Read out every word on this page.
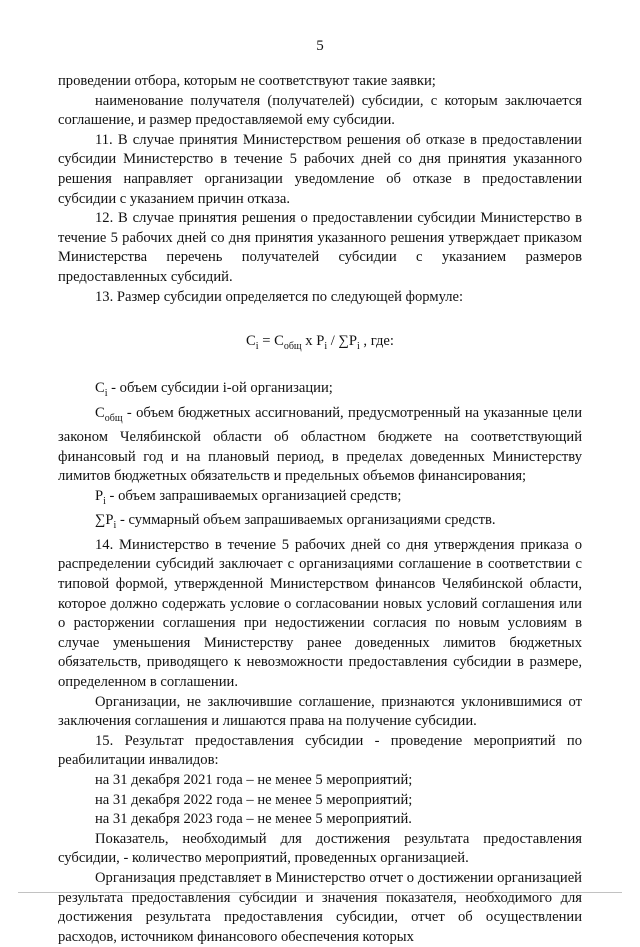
5

проведении отбора, которым не соответствуют такие заявки;

наименование получателя (получателей) субсидии, с которым заключается соглашение, и размер предоставляемой ему субсидии.

11. В случае принятия Министерством решения об отказе в предоставлении субсидии Министерство в течение 5 рабочих дней со дня принятия указанного решения направляет организации уведомление об отказе в предоставлении субсидии с указанием причин отказа.

12. В случае принятия решения о предоставлении субсидии Министерство в течение 5 рабочих дней со дня принятия указанного решения утверждает приказом Министерства перечень получателей субсидии с указанием размеров предоставленных субсидий.

13. Размер субсидии определяется по следующей формуле:

$C_i = C_{общ}$ x $P_i / \sum P_i$ , где:

$C_i$ - объем субсидии i-ой организации;

$C_{общ}$ - объем бюджетных ассигнований, предусмотренный на указанные цели законом Челябинской области об областном бюджете на соответствующий финансовый год и на плановый период, в пределах доведенных Министерству лимитов бюджетных обязательств и предельных объемов финансирования;

$P_i$ - объем запрашиваемых организацией средств;

$\sum P_i$ - суммарный объем запрашиваемых организациями средств.

14. Министерство в течение 5 рабочих дней со дня утверждения приказа о распределении субсидий заключает с организациями соглашение в соответствии с типовой формой, утвержденной Министерством финансов Челябинской области, которое должно содержать условие о согласовании новых условий соглашения или о расторжении соглашения при недостижении согласия по новым условиям в случае уменьшения Министерству ранее доведенных лимитов бюджетных обязательств, приводящего к невозможности предоставления субсидии в размере, определенном в соглашении.

Организации, не заключившие соглашение, признаются уклонившимися от заключения соглашения и лишаются права на получение субсидии.

15. Результат предоставления субсидии - проведение мероприятий по реабилитации инвалидов:

на 31 декабря 2021 года – не менее 5 мероприятий;

на 31 декабря 2022 года – не менее 5 мероприятий;

на 31 декабря 2023 года – не менее 5 мероприятий.

Показатель, необходимый для достижения результата предоставления субсидии, - количество мероприятий, проведенных организацией.

Организация представляет в Министерство отчет о достижении организацией результата предоставления субсидии и значения показателя, необходимого для достижения результата предоставления субсидии, отчет об осуществлении расходов, источником финансового обеспечения которых
